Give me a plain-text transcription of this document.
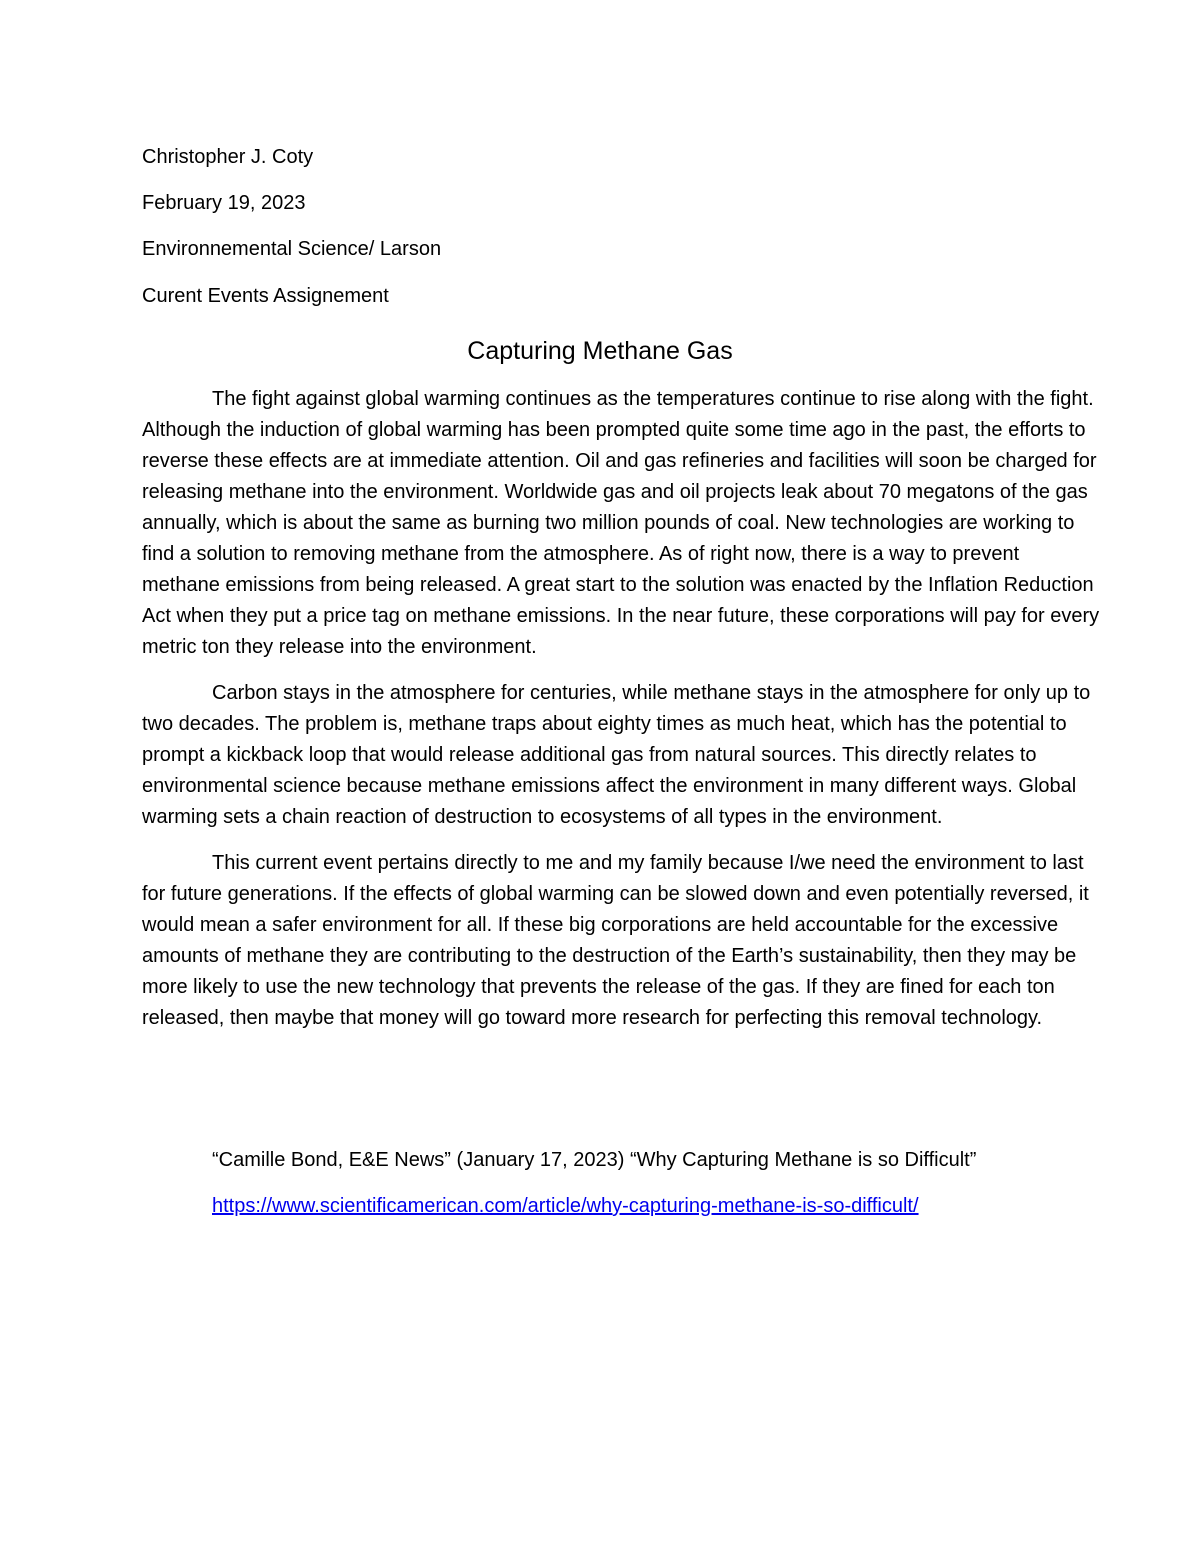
Christopher J. Coty
February 19, 2023
Environnemental Science/ Larson
Curent Events Assignement
Capturing Methane Gas

The fight against global warming continues as the temperatures continue to rise along with the fight. Although the induction of global warming has been prompted quite some time ago in the past, the efforts to reverse these effects are at immediate attention. Oil and gas refineries and facilities will soon be charged for releasing methane into the environment. Worldwide gas and oil projects leak about 70 megatons of the gas annually, which is about the same as burning two million pounds of coal. New technologies are working to find a solution to removing methane from the atmosphere. As of right now, there is a way to prevent methane emissions from being released. A great start to the solution was enacted by the Inflation Reduction Act when they put a price tag on methane emissions. In the near future, these corporations will pay for every metric ton they release into the environment.

Carbon stays in the atmosphere for centuries, while methane stays in the atmosphere for only up to two decades. The problem is, methane traps about eighty times as much heat, which has the potential to prompt a kickback loop that would release additional gas from natural sources. This directly relates to environmental science because methane emissions affect the environment in many different ways. Global warming sets a chain reaction of destruction to ecosystems of all types in the environment.

This current event pertains directly to me and my family because I/we need the environment to last for future generations. If the effects of global warming can be slowed down and even potentially reversed, it would mean a safer environment for all. If these big corporations are held accountable for the excessive amounts of methane they are contributing to the destruction of the Earth’s sustainability, then they may be more likely to use the new technology that prevents the release of the gas. If they are fined for each ton released, then maybe that money will go toward more research for perfecting this removal technology.

“Camille Bond, E&E News” (January 17, 2023) “Why Capturing Methane is so Difficult”
https://www.scientificamerican.com/article/why-capturing-methane-is-so-difficult/
